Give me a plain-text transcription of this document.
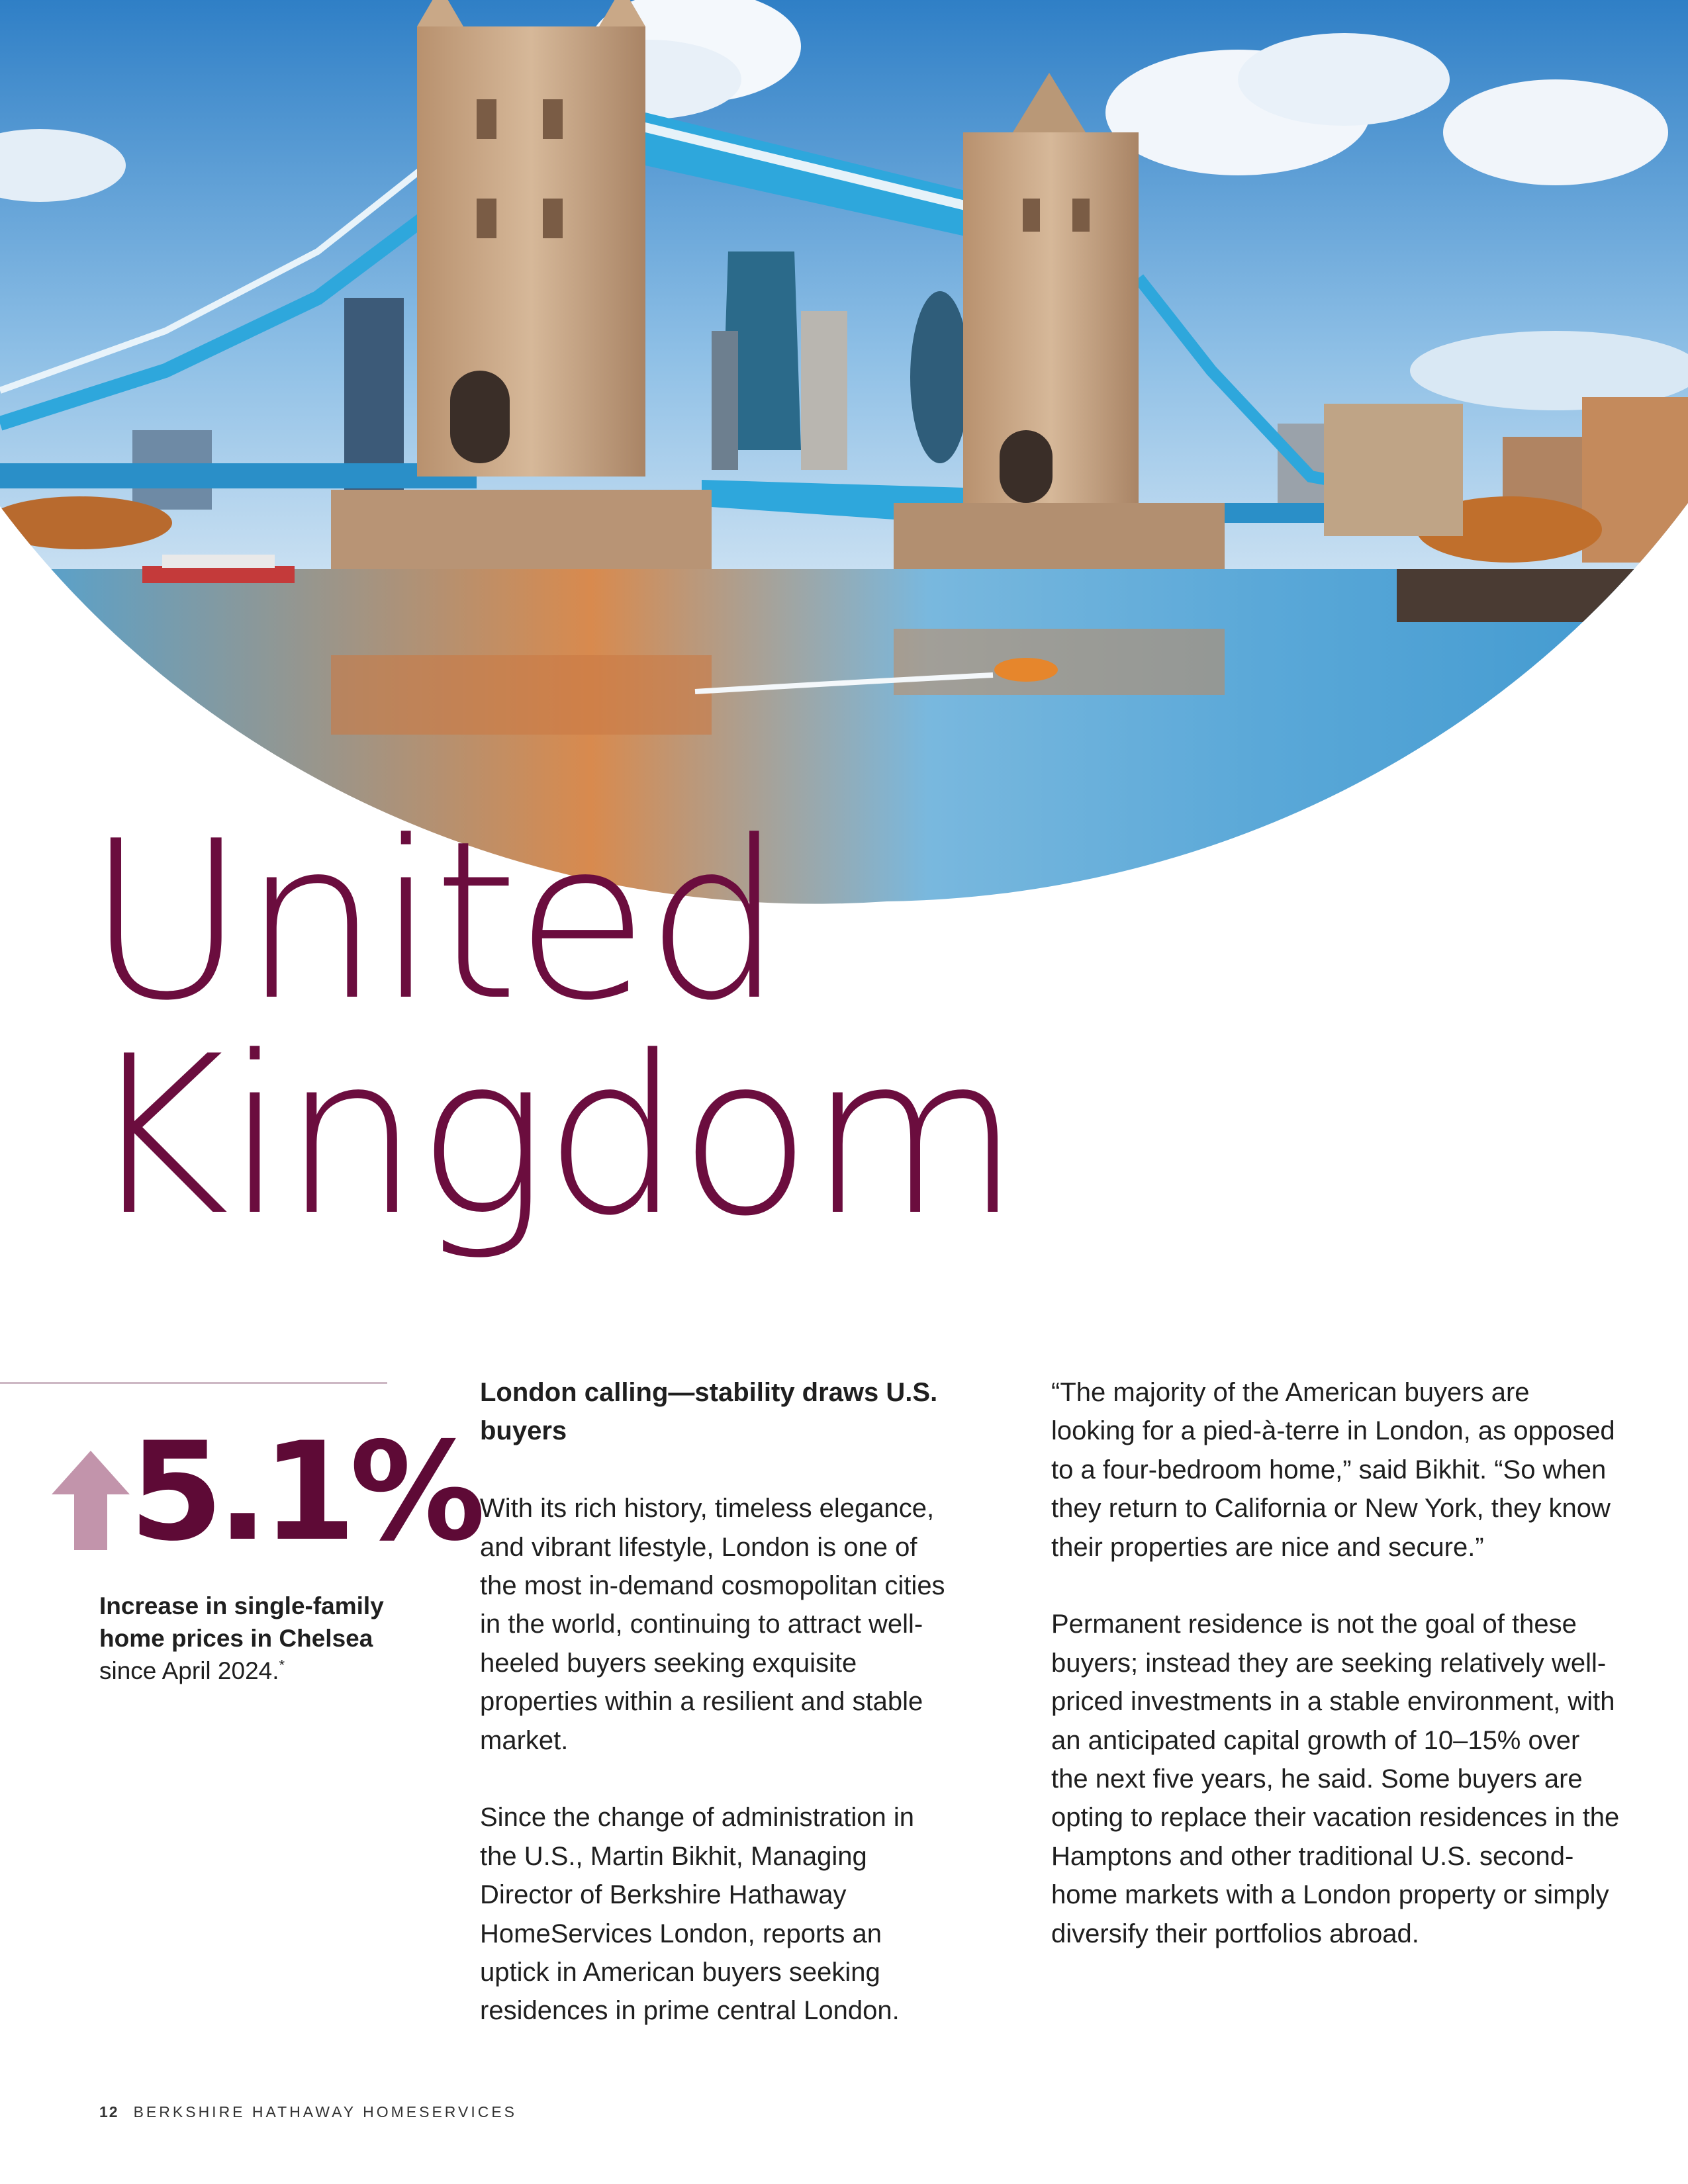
United
Kingdom
5.1%
Increase in single-family home prices in Chelsea since April 2024.*

London calling—stability draws U.S. buyers

With its rich history, timeless elegance, and vibrant lifestyle, London is one of the most in-demand cosmopolitan cities in the world, continuing to attract well-heeled buyers seeking exquisite properties within a resilient and stable market.

Since the change of administration in the U.S., Martin Bikhit, Managing Director of Berkshire Hathaway HomeServices London, reports an uptick in American buyers seeking residences in prime central London.

“The majority of the American buyers are looking for a pied-à-terre in London, as opposed to a four-bedroom home,” said Bikhit. “So when they return to California or New York, they know their properties are nice and secure.”

Permanent residence is not the goal of these buyers; instead they are seeking relatively well-priced investments in a stable environment, with an anticipated capital growth of 10–15% over the next five years, he said. Some buyers are opting to replace their vacation residences in the Hamptons and other traditional U.S. second-home markets with a London property or simply diversify their portfolios abroad.

12 BERKSHIRE HATHAWAY HOMESERVICES
